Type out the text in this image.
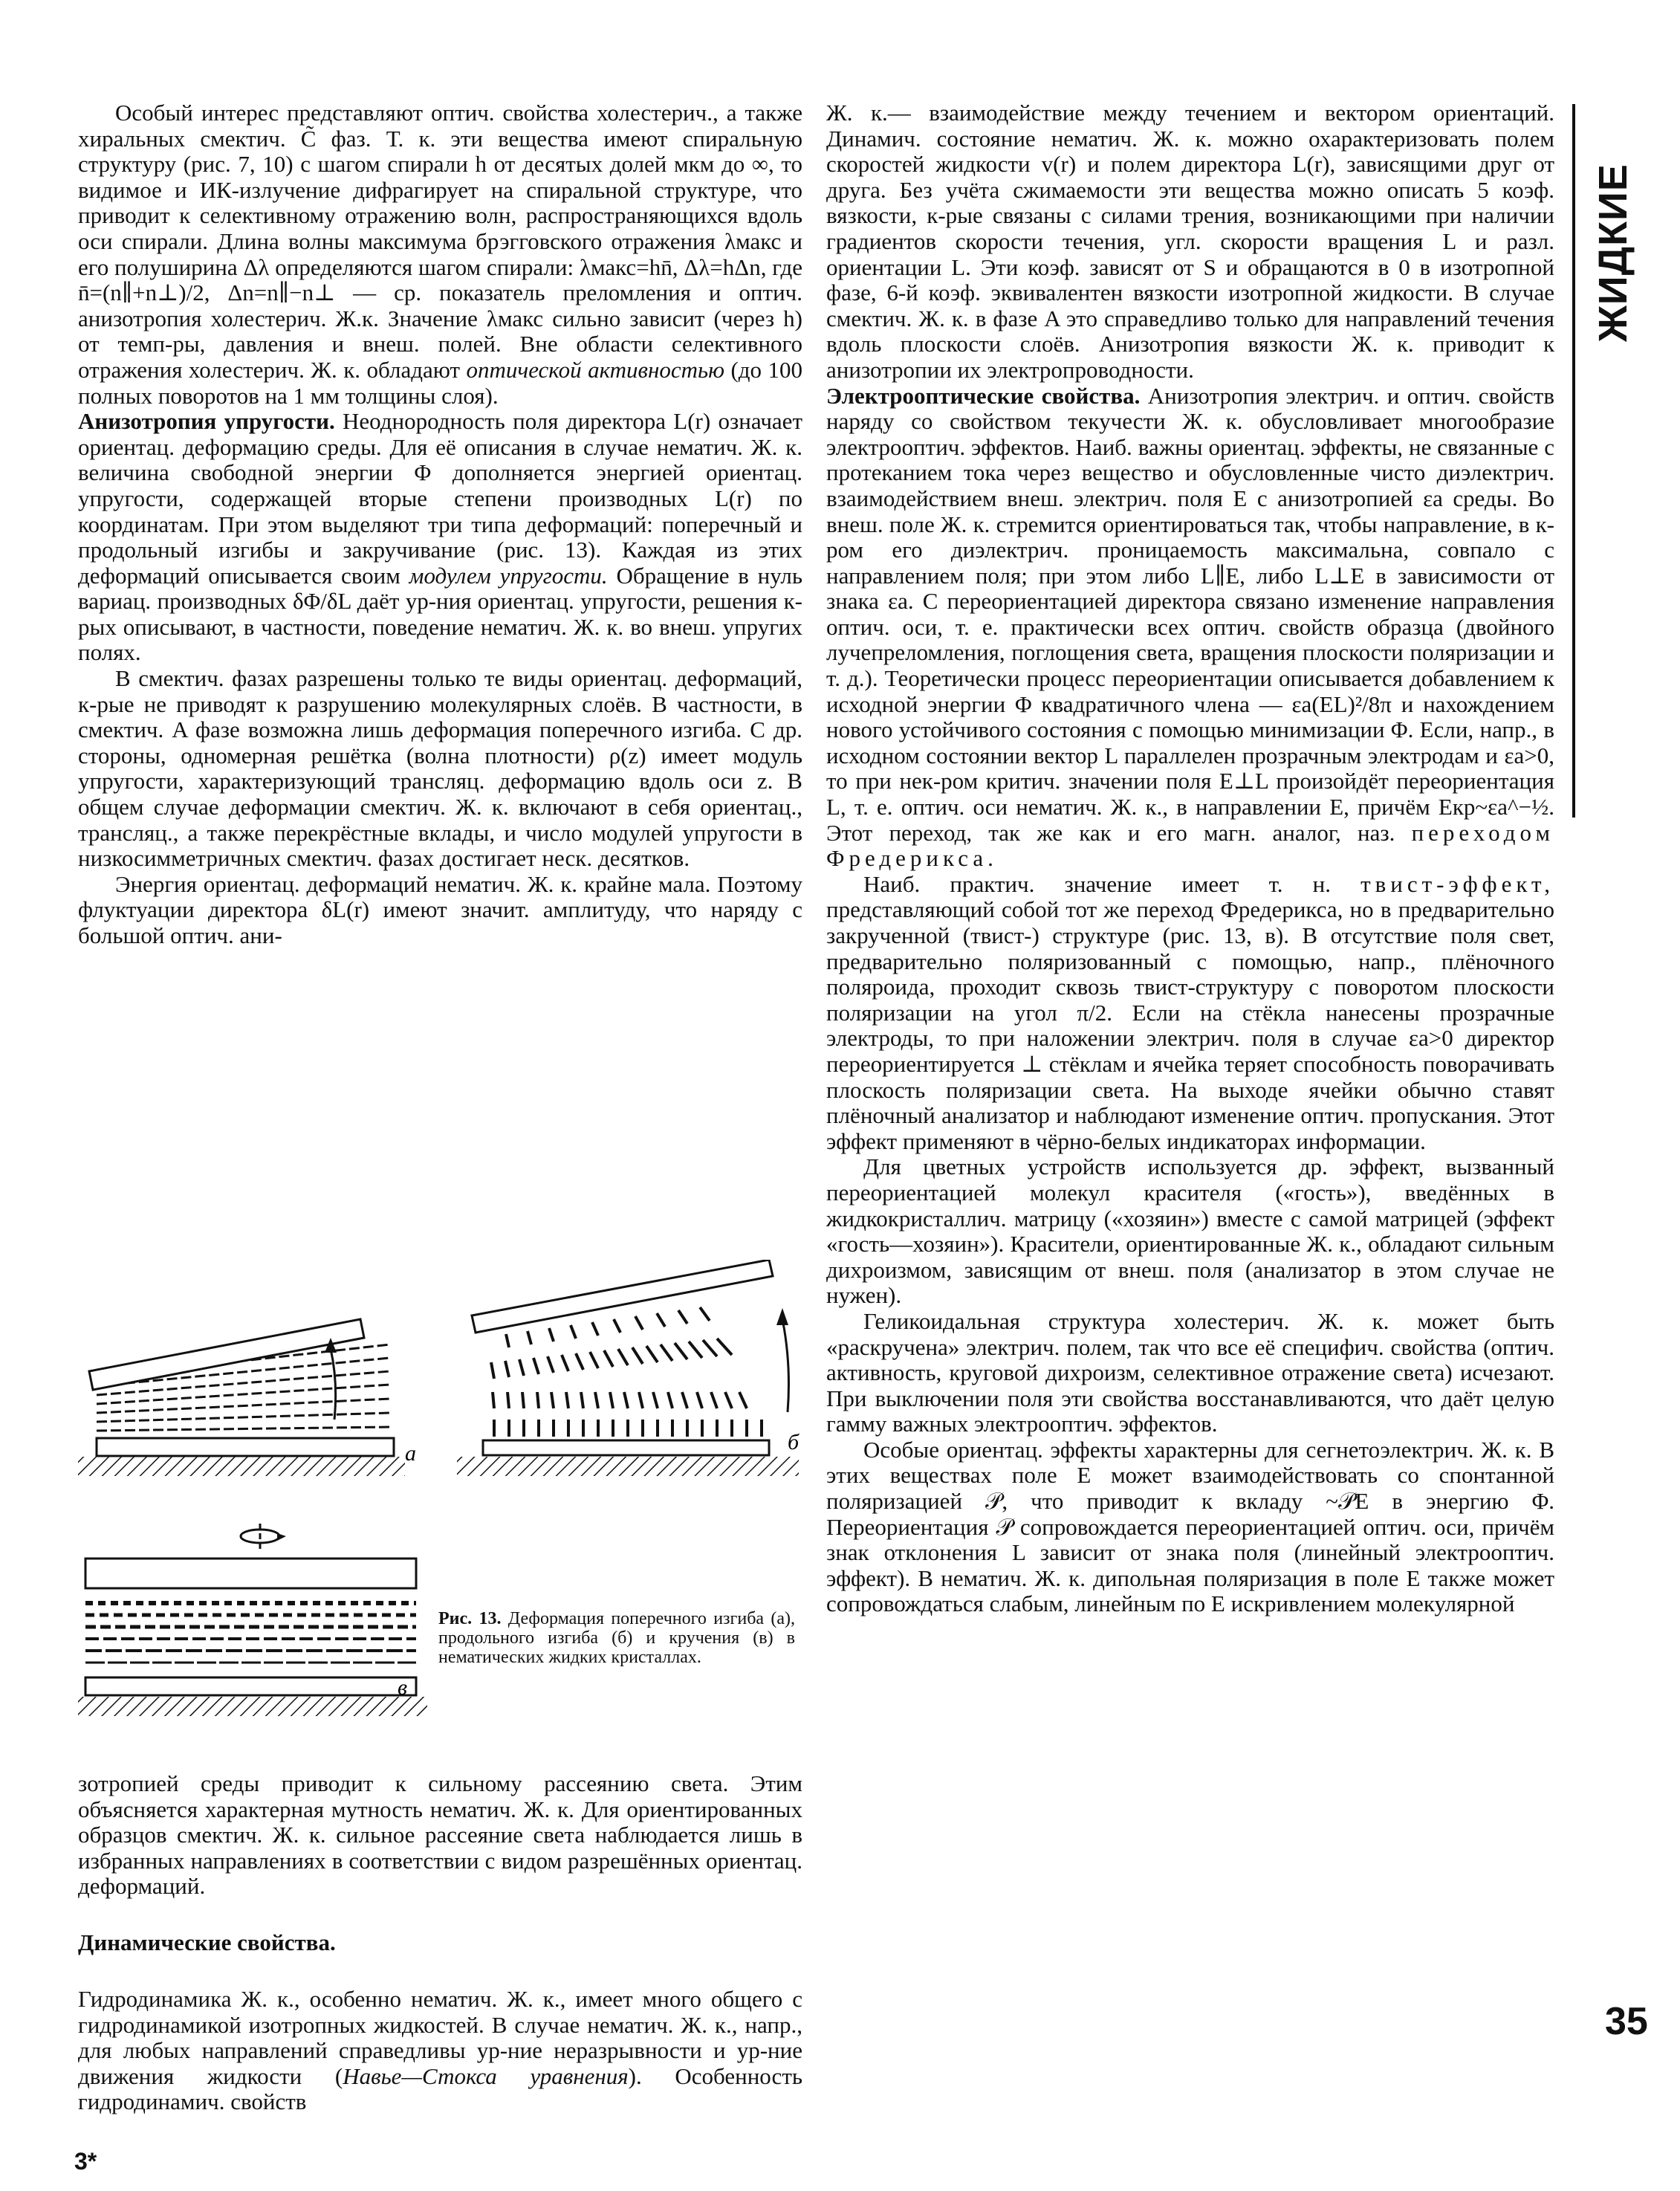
ЖИДКИЕ

Особый интерес представляют оптич. свойства холестерич., а также хиральных смектич. C̃ фаз. Т. к. эти вещества имеют спиральную структуру (рис. 7, 10) с шагом спирали h от десятых долей мкм до ∞, то видимое и ИК-излучение дифрагирует на спиральной структуре, что приводит к селективному отражению волн, распространяющихся вдоль оси спирали. Длина волны максимума брэгговского отражения λмакс и его полуширина Δλ определяются шагом спирали: λмакс=hn̄, Δλ=hΔn, где n̄=(n∥+n⊥)/2, Δn=n∥−n⊥ — ср. показатель преломления и оптич. анизотропия холестерич. Ж.к. Значение λмакс сильно зависит (через h) от темп-ры, давления и внеш. полей. Вне области селективного отражения холестерич. Ж. к. обладают оптической активностью (до 100 полных поворотов на 1 мм толщины слоя).

Анизотропия упругости. Неоднородность поля директора L(r) означает ориентац. деформацию среды. Для её описания в случае нематич. Ж. к. величина свободной энергии Φ дополняется энергией ориентац. упругости, содержащей вторые степени производных L(r) по координатам. При этом выделяют три типа деформаций: поперечный и продольный изгибы и закручивание (рис. 13). Каждая из этих деформаций описывается своим модулем упругости. Обращение в нуль вариац. производных δΦ/δL даёт ур-ния ориентац. упругости, решения к-рых описывают, в частности, поведение нематич. Ж. к. во внеш. упругих полях.

В смектич. фазах разрешены только те виды ориентац. деформаций, к-рые не приводят к разрушению молекулярных слоёв. В частности, в смектич. A фазе возможна лишь деформация поперечного изгиба. С др. стороны, одномерная решётка (волна плотности) ρ(z) имеет модуль упругости, характеризующий трансляц. деформацию вдоль оси z. В общем случае деформации смектич. Ж. к. включают в себя ориентац., трансляц., а также перекрёстные вклады, и число модулей упругости в низкосимметричных смектич. фазах достигает неск. десятков.

Энергия ориентац. деформаций нематич. Ж. к. крайне мала. Поэтому флуктуации директора δL(r) имеют значит. амплитуду, что наряду с большой оптич. ани-

а	б
в
Рис. 13. Деформация поперечного изгиба (а), продольного изгиба (б) и кручения (в) в нематических жидких кристаллах.

зотропией среды приводит к сильному рассеянию света. Этим объясняется характерная мутность нематич. Ж. к. Для ориентированных образцов смектич. Ж. к. сильное рассеяние света наблюдается лишь в избранных направлениях в соответствии с видом разрешённых ориентац. деформаций.

Динамические свойства.
Гидродинамика Ж. к., особенно нематич. Ж. к., имеет много общего с гидродинамикой изотропных жидкостей. В случае нематич. Ж. к., напр., для любых направлений справедливы ур-ние неразрывности и ур-ние движения жидкости (Навье—Стокса уравнения). Особенность гидродинамич. свойств

Ж. к.— взаимодействие между течением и вектором ориентаций. Динамич. состояние нематич. Ж. к. можно охарактеризовать полем скоростей жидкости v(r) и полем директора L(r), зависящими друг от друга. Без учёта сжимаемости эти вещества можно описать 5 коэф. вязкости, к-рые связаны с силами трения, возникающими при наличии градиентов скорости течения, угл. скорости вращения L и разл. ориентации L. Эти коэф. зависят от S и обращаются в 0 в изотропной фазе, 6-й коэф. эквивалентен вязкости изотропной жидкости. В случае смектич. Ж. к. в фазе A это справедливо только для направлений течения вдоль плоскости слоёв. Анизотропия вязкости Ж. к. приводит к анизотропии их электропроводности.

Электрооптические свойства. Анизотропия электрич. и оптич. свойств наряду со свойством текучести Ж. к. обусловливает многообразие электрооптич. эффектов. Наиб. важны ориентац. эффекты, не связанные с протеканием тока через вещество и обусловленные чисто диэлектрич. взаимодействием внеш. электрич. поля E с анизотропией εa среды. Во внеш. поле Ж. к. стремится ориентироваться так, чтобы направление, в к-ром его диэлектрич. проницаемость максимальна, совпало с направлением поля; при этом либо L∥E, либо L⊥E в зависимости от знака εa. С переориентацией директора связано изменение направления оптич. оси, т. е. практически всех оптич. свойств образца (двойного лучепреломления, поглощения света, вращения плоскости поляризации и т. д.). Теоретически процесс переориентации описывается добавлением к исходной энергии Φ квадратичного члена — εa(EL)²/8π и нахождением нового устойчивого состояния с помощью минимизации Φ. Если, напр., в исходном состоянии вектор L параллелен прозрачным электродам и εa>0, то при нек-ром критич. значении поля E⊥L произойдёт переориентация L, т. е. оптич. оси нематич. Ж. к., в направлении E, причём Eкр~εa^−½. Этот переход, так же как и его магн. аналог, наз. переходом Фредерикса.

Наиб. практич. значение имеет т. н. твист-эффект, представляющий собой тот же переход Фредерикса, но в предварительно закрученной (твист-) структуре (рис. 13, в). В отсутствие поля свет, предварительно поляризованный с помощью, напр., плёночного поляроида, проходит сквозь твист-структуру с поворотом плоскости поляризации на угол π/2. Если на стёкла нанесены прозрачные электроды, то при наложении электрич. поля в случае εa>0 директор переориентируется ⊥ стёклам и ячейка теряет способность поворачивать плоскость поляризации света. На выходе ячейки обычно ставят плёночный анализатор и наблюдают изменение оптич. пропускания. Этот эффект применяют в чёрно-белых индикаторах информации.

Для цветных устройств используется др. эффект, вызванный переориентацией молекул красителя («гость»), введённых в жидкокристаллич. матрицу («хозяин») вместе с самой матрицей (эффект «гость—хозяин»). Красители, ориентированные Ж. к., обладают сильным дихроизмом, зависящим от внеш. поля (анализатор в этом случае не нужен).

Геликоидальная структура холестерич. Ж. к. может быть «раскручена» электрич. полем, так что все её специфич. свойства (оптич. активность, круговой дихроизм, селективное отражение света) исчезают. При выключении поля эти свойства восстанавливаются, что даёт целую гамму важных электрооптич. эффектов.

Особые ориентац. эффекты характерны для сегнетоэлектрич. Ж. к. В этих веществах поле E может взаимодействовать со спонтанной поляризацией 𝒫, что приводит к вкладу ~𝒫E в энергию Φ. Переориентация 𝒫 сопровождается переориентацией оптич. оси, причём знак отклонения L зависит от знака поля (линейный электрооптич. эффект). В нематич. Ж. к. дипольная поляризация в поле E также может сопровождаться слабым, линейным по E искривлением молекулярной

35
3*
